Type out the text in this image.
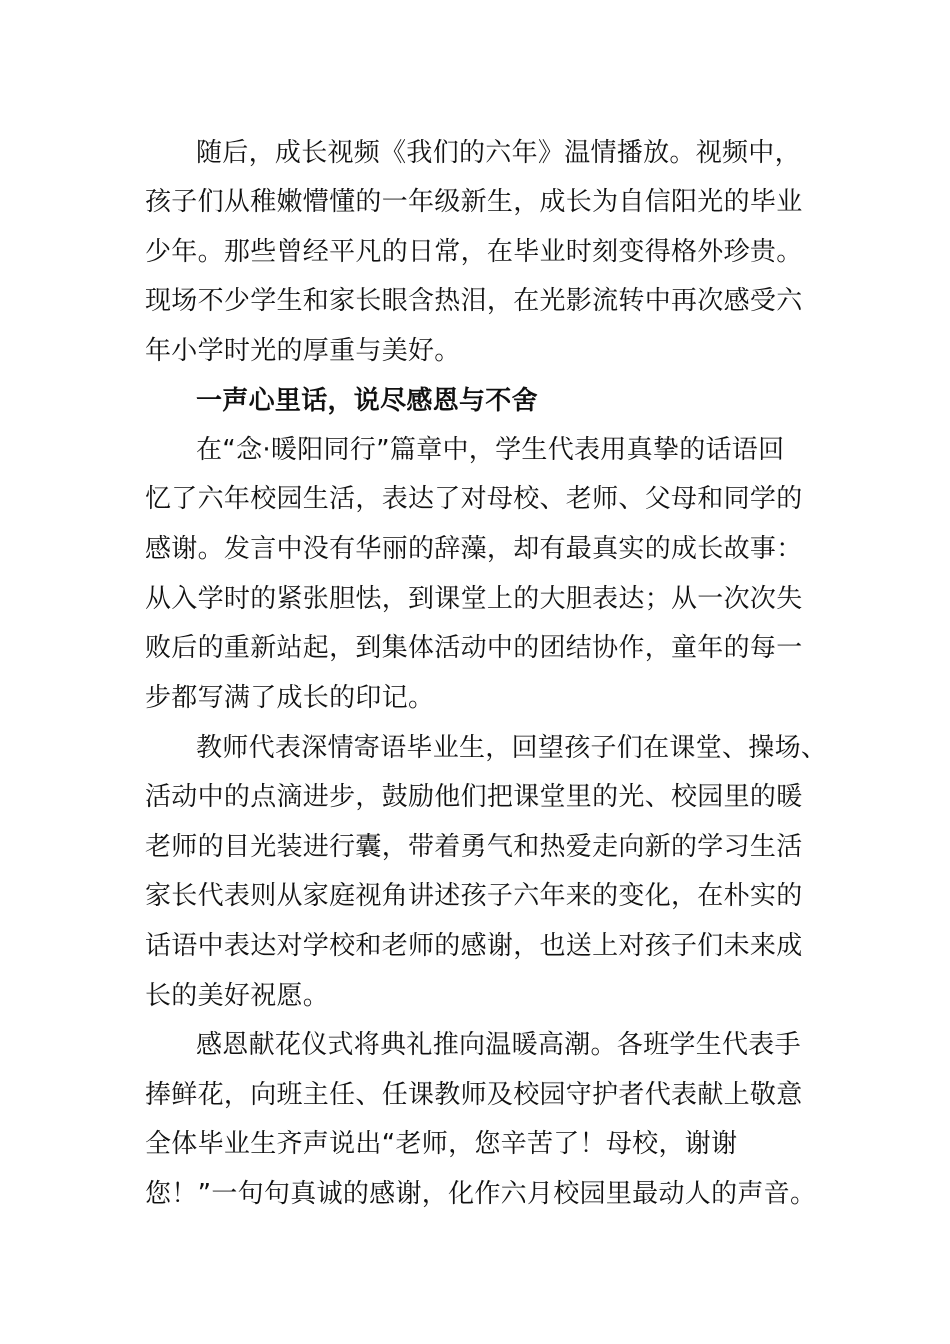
随后，成长视频《我们的六年》温情播放。视频中，
孩子们从稚嫩懵懂的一年级新生，成长为自信阳光的毕业
少年。那些曾经平凡的日常，在毕业时刻变得格外珍贵。
现场不少学生和家长眼含热泪，在光影流转中再次感受六
年小学时光的厚重与美好。
一声心里话，说尽感恩与不舍
在“念·暖阳同行”篇章中，学生代表用真挚的话语回
忆了六年校园生活，表达了对母校、老师、父母和同学的
感谢。发言中没有华丽的辞藻，却有最真实的成长故事：
从入学时的紧张胆怯，到课堂上的大胆表达；从一次次失
败后的重新站起，到集体活动中的团结协作，童年的每一
步都写满了成长的印记。
教师代表深情寄语毕业生，回望孩子们在课堂、操场、
活动中的点滴进步，鼓励他们把课堂里的光、校园里的暖
老师的目光装进行囊，带着勇气和热爱走向新的学习生活
家长代表则从家庭视角讲述孩子六年来的变化，在朴实的
话语中表达对学校和老师的感谢，也送上对孩子们未来成
长的美好祝愿。
感恩献花仪式将典礼推向温暖高潮。各班学生代表手
捧鲜花，向班主任、任课教师及校园守护者代表献上敬意
全体毕业生齐声说出“老师，您辛苦了！母校，谢谢
您！”一句句真诚的感谢，化作六月校园里最动人的声音。
